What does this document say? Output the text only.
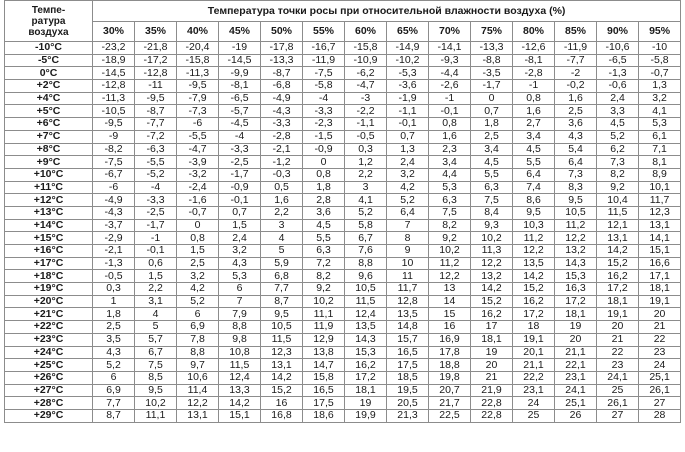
Темпе-
ратура
воздуха	Температура точки росы при относительной влажности воздуха (%)													
	30%	35%	40%	45%	50%	55%	60%	65%	70%	75%	80%	85%	90%	95%
-10°C	-23,2	-21,8	-20,4	-19	-17,8	-16,7	-15,8	-14,9	-14,1	-13,3	-12,6	-11,9	-10,6	-10
-5°C	-18,9	-17,2	-15,8	-14,5	-13,3	-11,9	-10,9	-10,2	-9,3	-8,8	-8,1	-7,7	-6,5	-5,8
0°C	-14,5	-12,8	-11,3	-9,9	-8,7	-7,5	-6,2	-5,3	-4,4	-3,5	-2,8	-2	-1,3	-0,7
+2°C	-12,8	-11	-9,5	-8,1	-6,8	-5,8	-4,7	-3,6	-2,6	-1,7	-1	-0,2	-0,6	1,3
+4°C	-11,3	-9,5	-7,9	-6,5	-4,9	-4	-3	-1,9	-1	0	0,8	1,6	2,4	3,2
+5°C	-10,5	-8,7	-7,3	-5,7	-4,3	-3,3	-2,2	-1,1	-0,1	0,7	1,6	2,5	3,3	4,1
+6°C	-9,5	-7,7	-6	-4,5	-3,3	-2,3	-1,1	-0,1	0,8	1,8	2,7	3,6	4,5	5,3
+7°C	-9	-7,2	-5,5	-4	-2,8	-1,5	-0,5	0,7	1,6	2,5	3,4	4,3	5,2	6,1
+8°C	-8,2	-6,3	-4,7	-3,3	-2,1	-0,9	0,3	1,3	2,3	3,4	4,5	5,4	6,2	7,1
+9°C	-7,5	-5,5	-3,9	-2,5	-1,2	0	1,2	2,4	3,4	4,5	5,5	6,4	7,3	8,1
+10°C	-6,7	-5,2	-3,2	-1,7	-0,3	0,8	2,2	3,2	4,4	5,5	6,4	7,3	8,2	8,9
+11°C	-6	-4	-2,4	-0,9	0,5	1,8	3	4,2	5,3	6,3	7,4	8,3	9,2	10,1
+12°C	-4,9	-3,3	-1,6	-0,1	1,6	2,8	4,1	5,2	6,3	7,5	8,6	9,5	10,4	11,7
+13°C	-4,3	-2,5	-0,7	0,7	2,2	3,6	5,2	6,4	7,5	8,4	9,5	10,5	11,5	12,3
+14°C	-3,7	-1,7	0	1,5	3	4,5	5,8	7	8,2	9,3	10,3	11,2	12,1	13,1
+15°C	-2,9	-1	0,8	2,4	4	5,5	6,7	8	9,2	10,2	11,2	12,2	13,1	14,1
+16°C	-2,1	-0,1	1,5	3,2	5	6,3	7,6	9	10,2	11,3	12,2	13,2	14,2	15,1
+17°C	-1,3	0,6	2,5	4,3	5,9	7,2	8,8	10	11,2	12,2	13,5	14,3	15,2	16,6
+18°C	-0,5	1,5	3,2	5,3	6,8	8,2	9,6	11	12,2	13,2	14,2	15,3	16,2	17,1
+19°C	0,3	2,2	4,2	6	7,7	9,2	10,5	11,7	13	14,2	15,2	16,3	17,2	18,1
+20°C	1	3,1	5,2	7	8,7	10,2	11,5	12,8	14	15,2	16,2	17,2	18,1	19,1
+21°C	1,8	4	6	7,9	9,5	11,1	12,4	13,5	15	16,2	17,2	18,1	19,1	20
+22°C	2,5	5	6,9	8,8	10,5	11,9	13,5	14,8	16	17	18	19	20	21
+23°C	3,5	5,7	7,8	9,8	11,5	12,9	14,3	15,7	16,9	18,1	19,1	20	21	22
+24°C	4,3	6,7	8,8	10,8	12,3	13,8	15,3	16,5	17,8	19	20,1	21,1	22	23
+25°C	5,2	7,5	9,7	11,5	13,1	14,7	16,2	17,5	18,8	20	21,1	22,1	23	24
+26°C	6	8,5	10,6	12,4	14,2	15,8	17,2	18,5	19,8	21	22,2	23,1	24,1	25,1
+27°C	6,9	9,5	11,4	13,3	15,2	16,5	18,1	19,5	20,7	21,9	23,1	24,1	25	26,1
+28°C	7,7	10,2	12,2	14,2	16	17,5	19	20,5	21,7	22,8	24	25,1	26,1	27
+29°C	8,7	11,1	13,1	15,1	16,8	18,6	19,9	21,3	22,5	22,8	25	26	27	28
